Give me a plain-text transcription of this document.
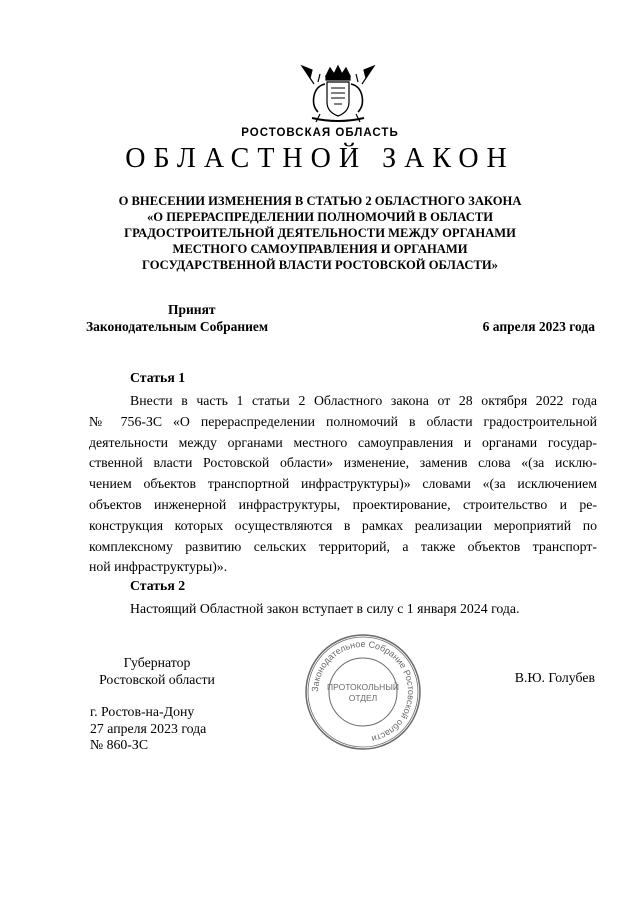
РОСТОВСКАЯ ОБЛАСТЬ
ОБЛАСТНОЙ ЗАКОН
О ВНЕСЕНИИ ИЗМЕНЕНИЯ В СТАТЬЮ 2 ОБЛАСТНОГО ЗАКОНА
«О ПЕРЕРАСПРЕДЕЛЕНИИ ПОЛНОМОЧИЙ В ОБЛАСТИ
ГРАДОСТРОИТЕЛЬНОЙ ДЕЯТЕЛЬНОСТИ МЕЖДУ ОРГАНАМИ
МЕСТНОГО САМОУПРАВЛЕНИЯ И ОРГАНАМИ
ГОСУДАРСТВЕННОЙ ВЛАСТИ РОСТОВСКОЙ ОБЛАСТИ»
Принят
Законодательным Собранием	6 апреля 2023 года
Статья 1
Внести в часть 1 статьи 2 Областного закона от 28 октября 2022 года
№ 756-ЗС «О перераспределении полномочий в области градостроительной
деятельности между органами местного самоуправления и органами государ-
ственной власти Ростовской области» изменение, заменив слова «(за исклю-
чением объектов транспортной инфраструктуры)» словами «(за исключением
объектов инженерной инфраструктуры, проектирование, строительство и ре-
конструкция которых осуществляются в рамках реализации мероприятий по
комплексному развитию сельских территорий, а также объектов транспорт-
ной инфраструктуры)».
Статья 2
Настоящий Областной закон вступает в силу с 1 января 2024 года.
Губернатор
Ростовской области	В.Ю. Голубев
г. Ростов-на-Дону
27 апреля 2023 года
№ 860-ЗС
Законодательное Собрание Ростовской области
ПРОТОКОЛЬНЫЙ
ОТДЕЛ
